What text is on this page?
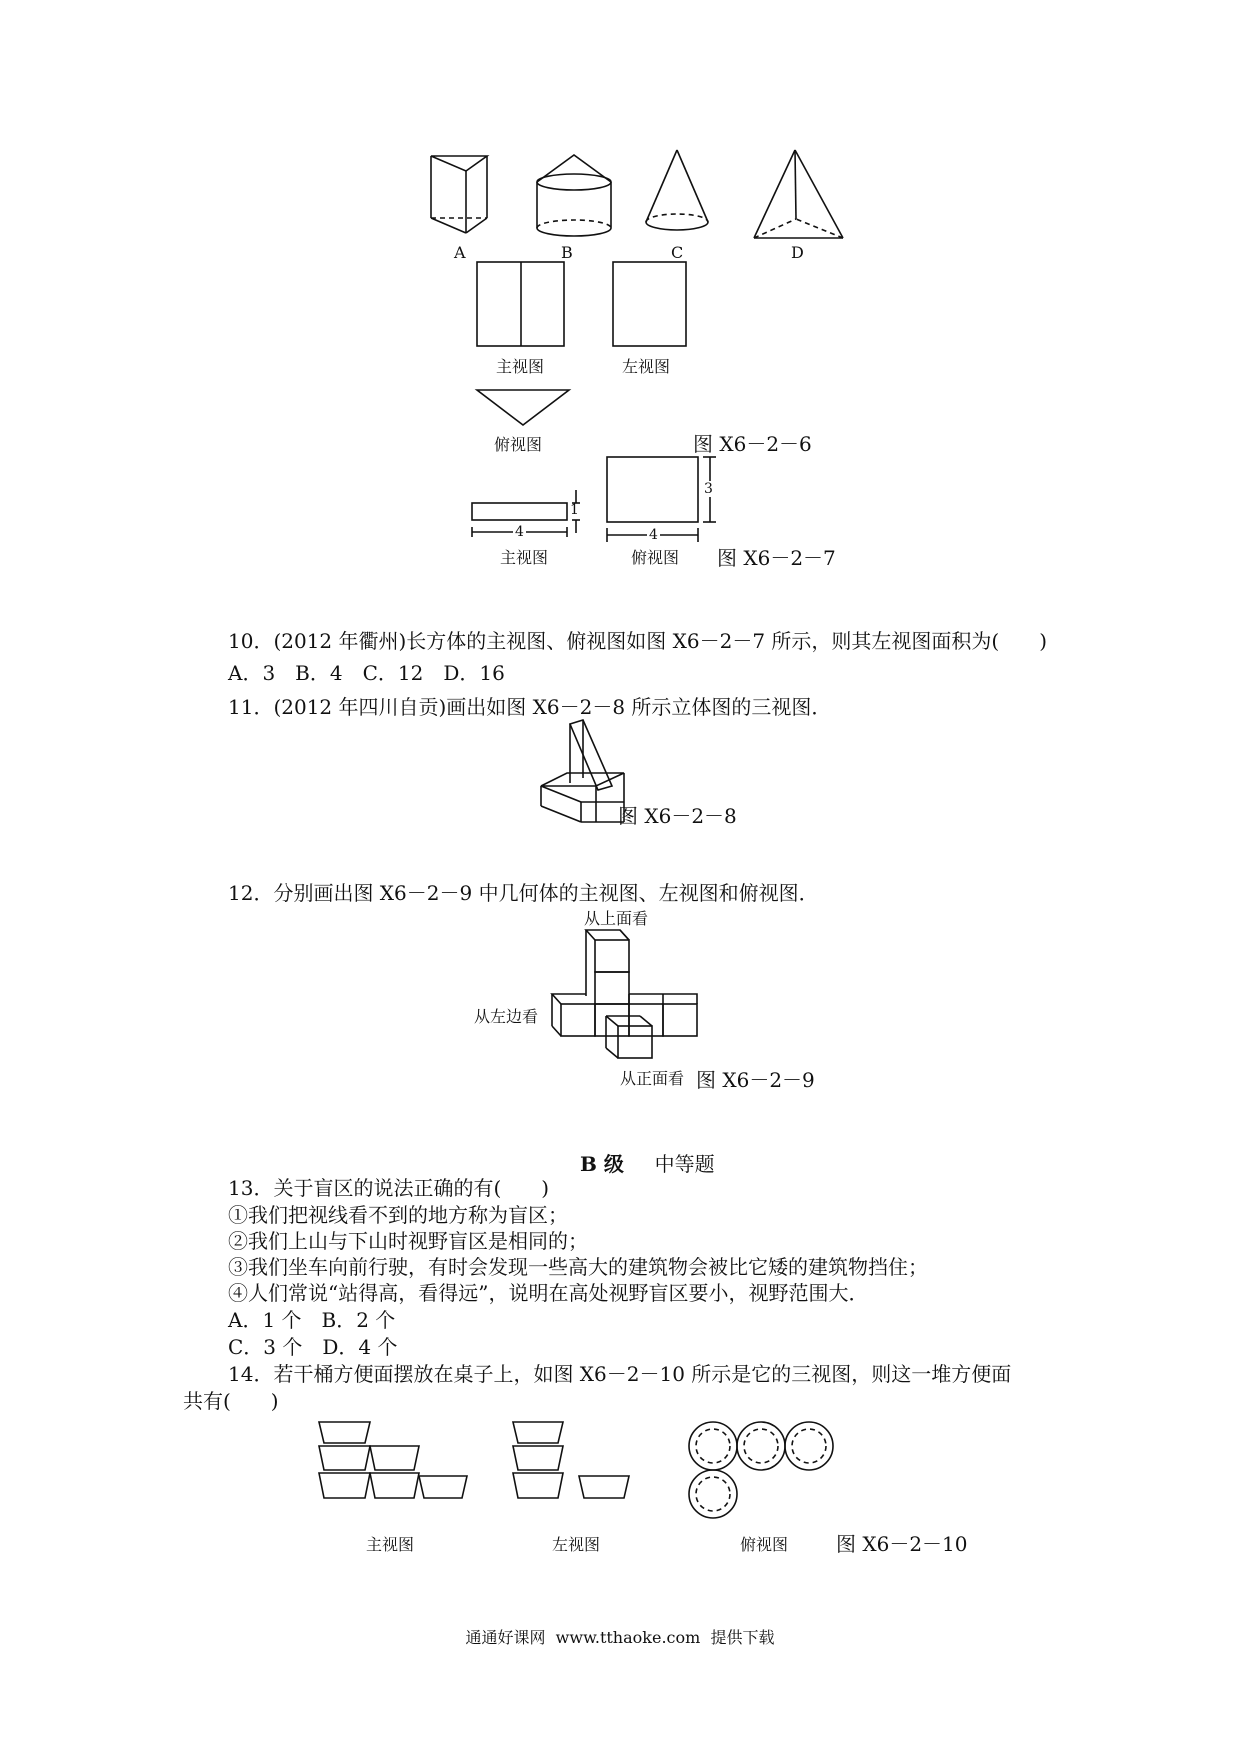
A	B	C	D
主视图	左视图
俯视图	图 X6－2－6
4
1
4
3
主视图	俯视图 图 X6－2－7
10．(2012 年衢州)长方体的主视图、俯视图如图 X6－2－7 所示，则其左视图面积为(　　)
A．3　B．4　C．12　D．16
11．(2012 年四川自贡)画出如图 X6－2－8 所示立体图的三视图．
图 X6－2－8
12．分别画出图 X6－2－9 中几何体的主视图、左视图和俯视图．
从上面看
从左边看
从正面看 图 X6－2－9
B 级 中等题
13．关于盲区的说法正确的有(　　)
①我们把视线看不到的地方称为盲区；
②我们上山与下山时视野盲区是相同的；
③我们坐车向前行驶，有时会发现一些高大的建筑物会被比它矮的建筑物挡住；
④人们常说“站得高，看得远”，说明在高处视野盲区要小，视野范围大．
A．1 个　B．2 个
C．3 个　D．4 个
14．若干桶方便面摆放在桌子上，如图 X6－2－10 所示是它的三视图，则这一堆方便面
共有(　　)
主视图	左视图	俯视图 图 X6－2－10
通通好课网  www.tthaoke.com  提供下载
